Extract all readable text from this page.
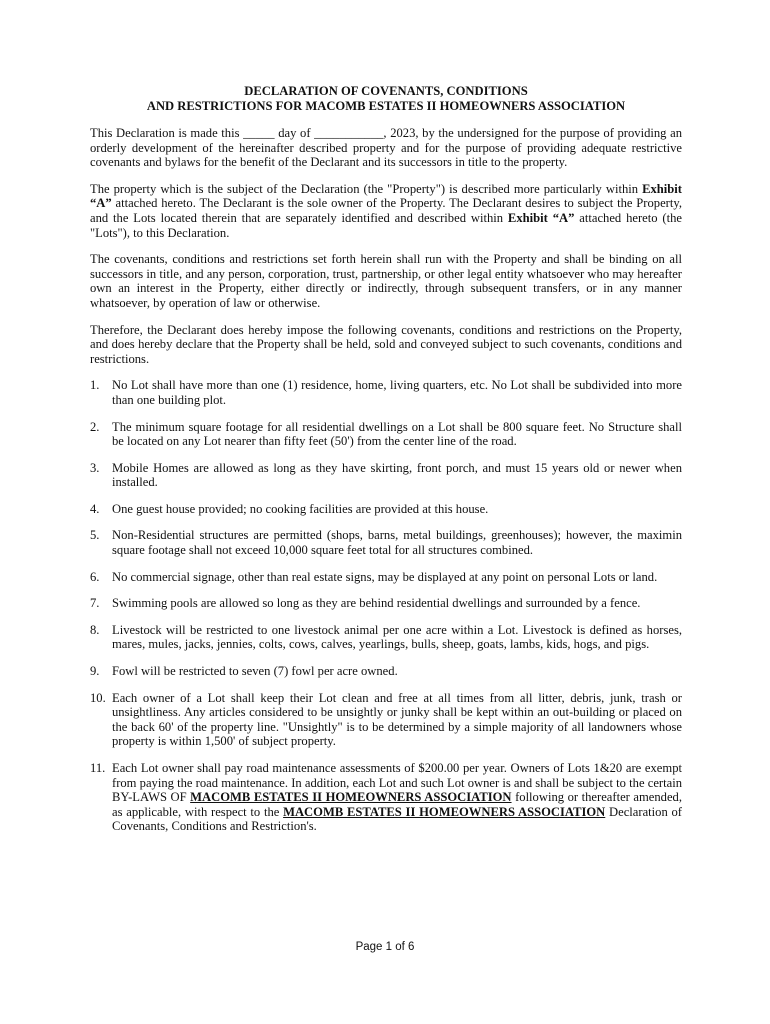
DECLARATION OF COVENANTS, CONDITIONS
AND RESTRICTIONS FOR MACOMB ESTATES II HOMEOWNERS ASSOCIATION

This Declaration is made this _____ day of ___________, 2023, by the undersigned for the purpose of providing an orderly development of the hereinafter described property and for the purpose of providing adequate restrictive covenants and bylaws for the benefit of the Declarant and its successors in title to the property.

The property which is the subject of the Declaration (the "Property") is described more particularly within Exhibit “A” attached hereto. The Declarant is the sole owner of the Property. The Declarant desires to subject the Property, and the Lots located therein that are separately identified and described within Exhibit “A” attached hereto (the "Lots"), to this Declaration.

The covenants, conditions and restrictions set forth herein shall run with the Property and shall be binding on all successors in title, and any person, corporation, trust, partnership, or other legal entity whatsoever who may hereafter own an interest in the Property, either directly or indirectly, through subsequent transfers, or in any manner whatsoever, by operation of law or otherwise.

Therefore, the Declarant does hereby impose the following covenants, conditions and restrictions on the Property, and does hereby declare that the Property shall be held, sold and conveyed subject to such covenants, conditions and restrictions.

1. No Lot shall have more than one (1) residence, home, living quarters, etc. No Lot shall be subdivided into more than one building plot.
2. The minimum square footage for all residential dwellings on a Lot shall be 800 square feet. No Structure shall be located on any Lot nearer than fifty feet (50') from the center line of the road.
3. Mobile Homes are allowed as long as they have skirting, front porch, and must 15 years old or newer when installed.
4. One guest house provided; no cooking facilities are provided at this house.
5. Non-Residential structures are permitted (shops, barns, metal buildings, greenhouses); however, the maximin square footage shall not exceed 10,000 square feet total for all structures combined.
6. No commercial signage, other than real estate signs, may be displayed at any point on personal Lots or land.
7. Swimming pools are allowed so long as they are behind residential dwellings and surrounded by a fence.
8. Livestock will be restricted to one livestock animal per one acre within a Lot. Livestock is defined as horses, mares, mules, jacks, jennies, colts, cows, calves, yearlings, bulls, sheep, goats, lambs, kids, hogs, and pigs.
9. Fowl will be restricted to seven (7) fowl per acre owned.
10. Each owner of a Lot shall keep their Lot clean and free at all times from all litter, debris, junk, trash or unsightliness. Any articles considered to be unsightly or junky shall be kept within an out-building or placed on the back 60' of the property line. "Unsightly" is to be determined by a simple majority of all landowners whose property is within 1,500' of subject property.
11. Each Lot owner shall pay road maintenance assessments of $200.00 per year. Owners of Lots 1&20 are exempt from paying the road maintenance. In addition, each Lot and such Lot owner is and shall be subject to the certain BY-LAWS OF MACOMB ESTATES II HOMEOWNERS ASSOCIATION following or thereafter amended, as applicable, with respect to the MACOMB ESTATES II HOMEOWNERS ASSOCIATION Declaration of Covenants, Conditions and Restriction's.
Page 1 of 6
